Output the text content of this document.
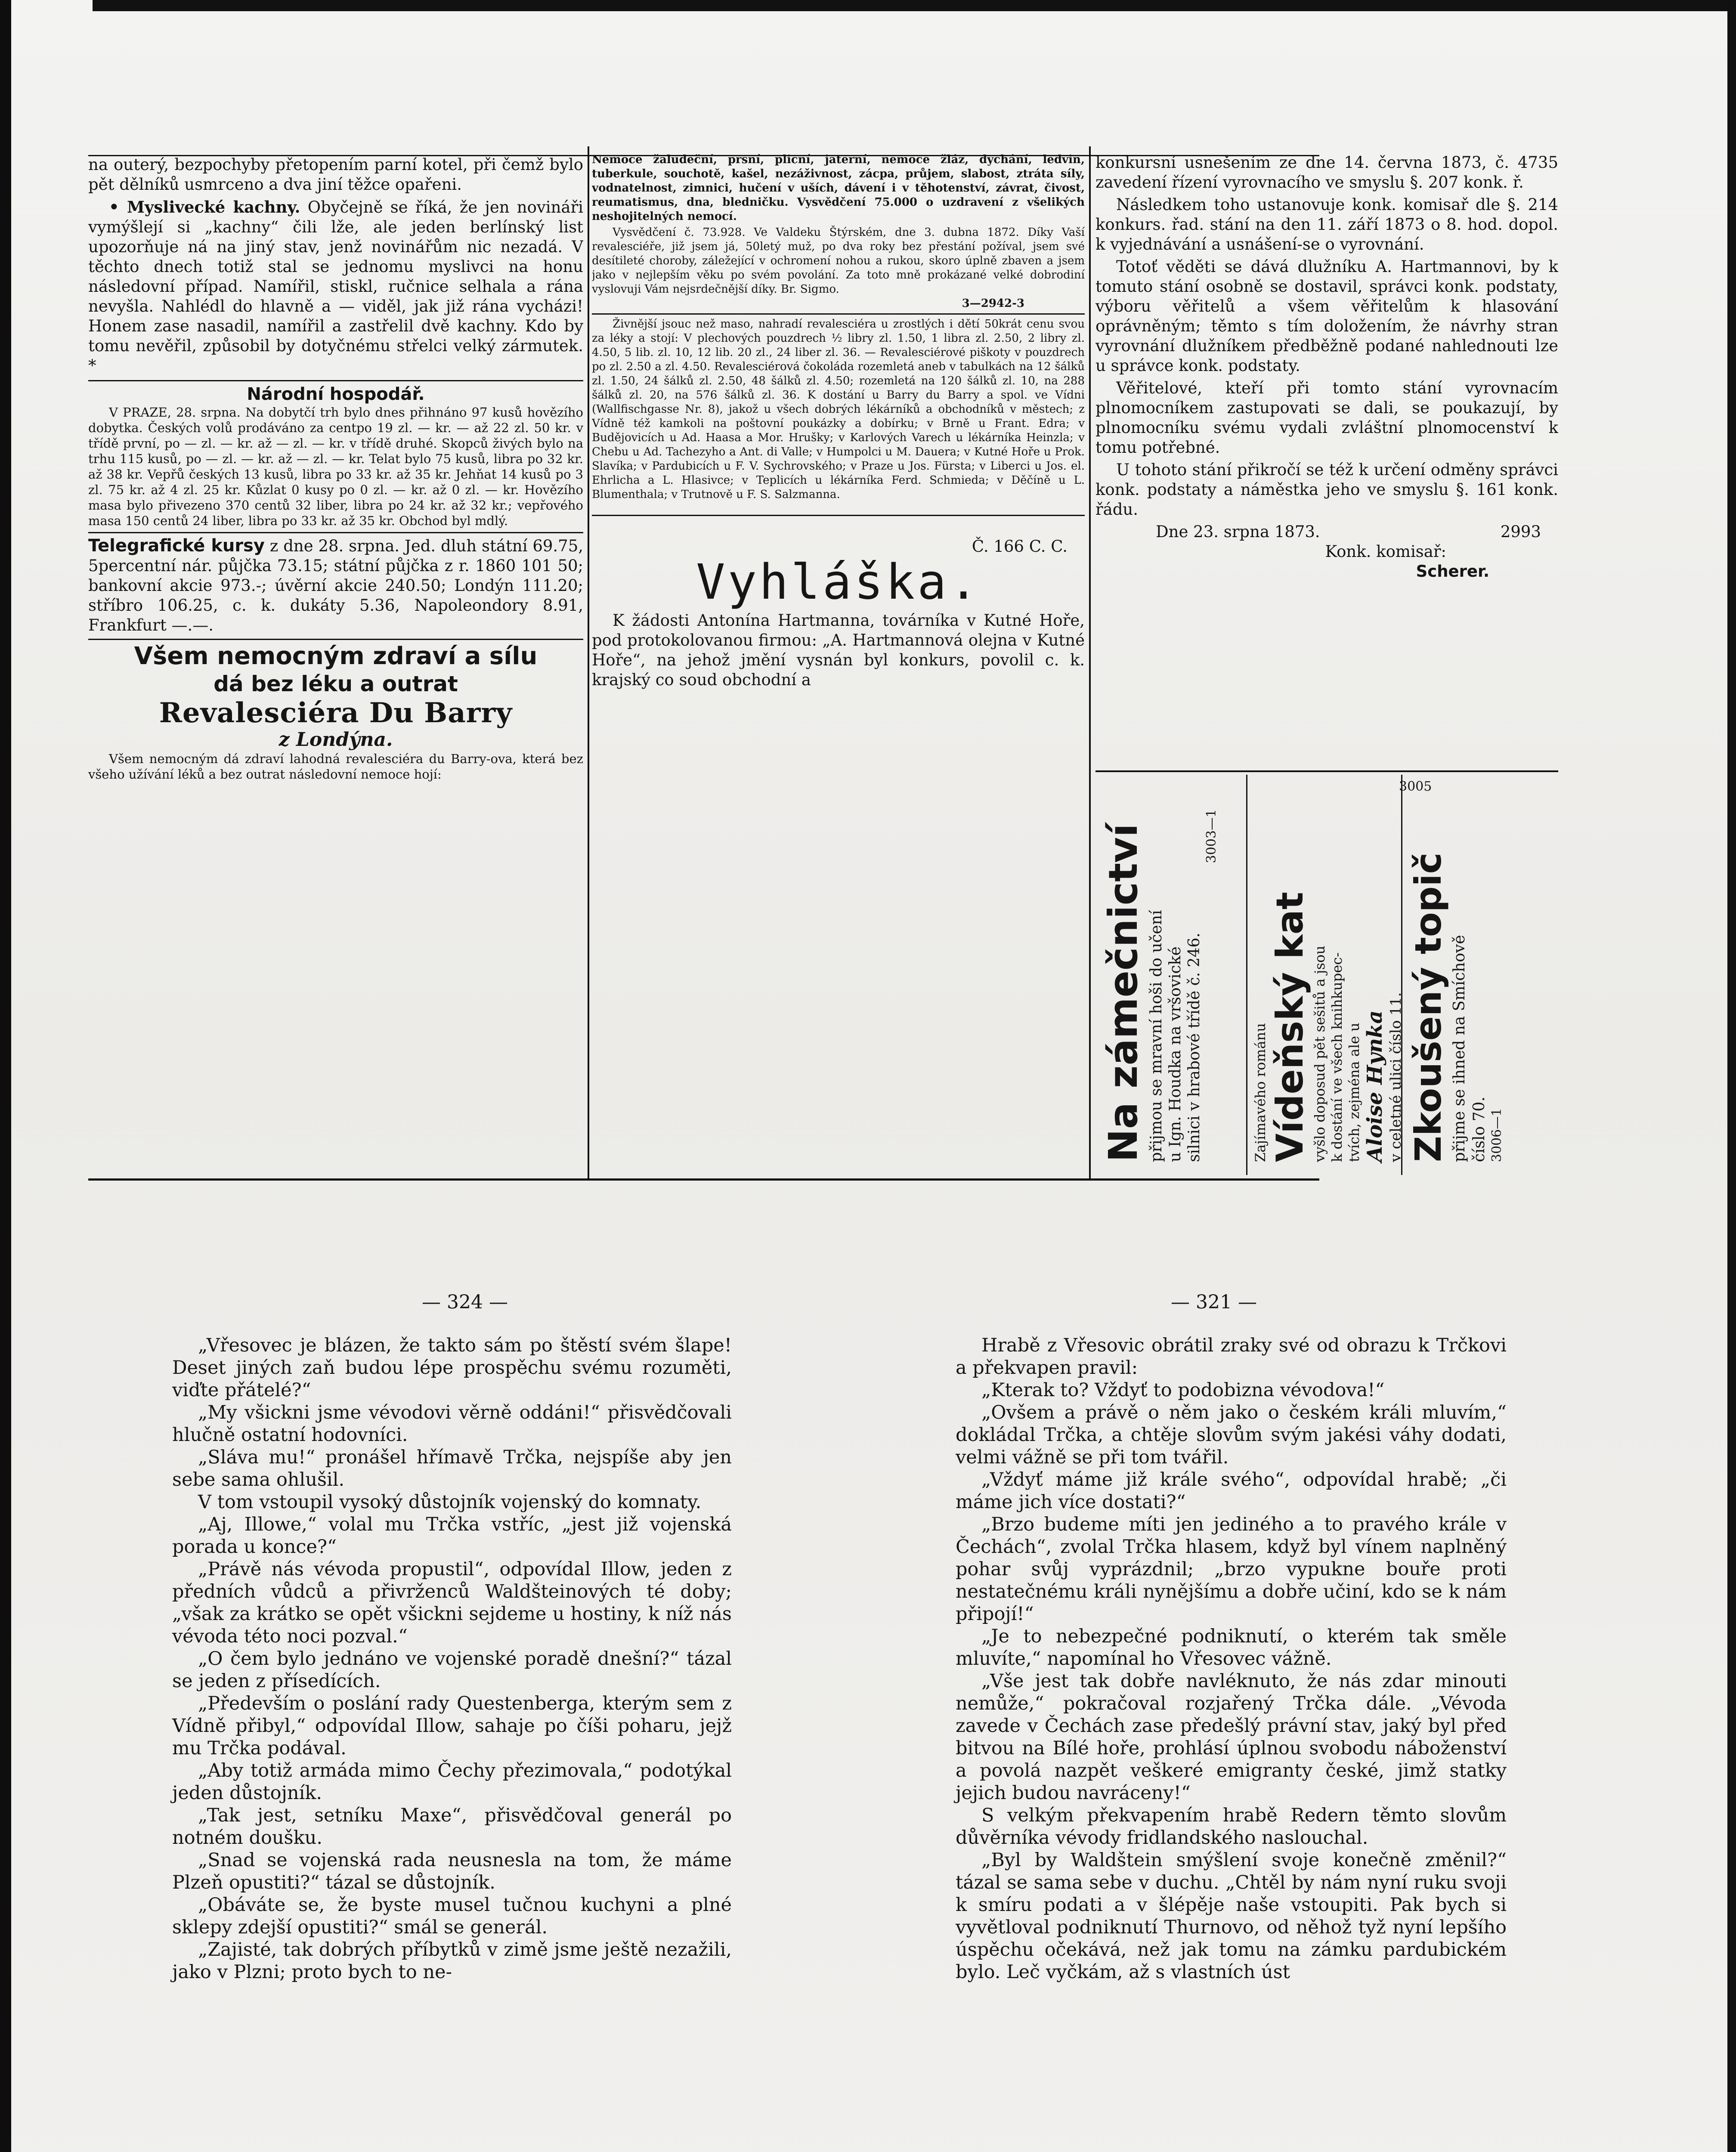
na outerý, bezpochyby přetopením parní kotel, při čemž bylo pět dělníků usmrceno a dva jiní těžce opařeni.

• Myslivecké kachny. Obyčejně se říká, že jen novináři vymýšlejí si „kachny“ čili lže, ale jeden berlínský list upozorňuje ná na jiný stav, jenž novinářům nic nezadá. V těchto dnech totiž stal se jednomu myslivci na honu následovní případ. Namířil, stiskl, ručnice selhala a rána nevyšla. Nahlédl do hlavně a — viděl, jak již rána vycházi! Honem zase nasadil, namířil a zastřelil dvě kachny. Kdo by tomu nevěřil, způsobil by dotyčnému střelci velký zármutek. *

Národní hospodář.

V PRAZE, 28. srpna. Na dobytčí trh bylo dnes přihnáno 97 kusů hovězího dobytka. Českých volů prodáváno za centpo 19 zl. — kr. — až 22 zl. 50 kr. v třídě první, po — zl. — kr. až — zl. — kr. v třídě druhé. Skopců živých bylo na trhu 115 kusů, po — zl. — kr. až — zl. — kr. Telat bylo 75 kusů, libra po 32 kr. až 38 kr. Vepřů českých 13 kusů, libra po 33 kr. až 35 kr. Jehňat 14 kusů po 3 zl. 75 kr. až 4 zl. 25 kr. Kůzlat 0 kusy po 0 zl. — kr. až 0 zl. — kr. Hovězího masa bylo přivezeno 370 centů 32 liber, libra po 24 kr. až 32 kr.; vepřového masa 150 centů 24 liber, libra po 33 kr. až 35 kr. Obchod byl mdlý.

Telegrafické kursy z dne 28. srpna. Jed. dluh státní 69.75, 5percentní nár. půjčka 73.15; státní půjčka z r. 1860 101 50; bankovní akcie 973.-; úvěrní akcie 240.50; Londýn 111.20; stříbro 106.25, c. k. dukáty 5.36, Napoleondory 8.91, Frankfurt —.—.

Všem nemocným zdraví a sílu
dá bez léku a outrat
Revalesciéra Du Barry
z Londýna.

Všem nemocným dá zdraví lahodná revalesciéra du Barry-ova, která bez všeho užívání léků a bez outrat následovní nemoce hojí:

Nemoce žaludeční, prsní, plicní, jaterní, nemoce žláz, dychání, ledvin, tuberkule, souchotě, kašel, nezáživnost, zácpa, průjem, slabost, ztráta síly, vodnatelnost, zimnici, hučení v uších, dávení i v těhotenství, závrat, čivost, reumatismus, dna, bledničku. Vysvědčení 75.000 o uzdravení z všelikých neshojitelných nemocí.

Vysvědčení č. 73.928. Ve Valdeku Štýrském, dne 3. dubna 1872. Díky Vaší revalesciéře, již jsem já, 50letý muž, po dva roky bez přestání požíval, jsem své desítileté choroby, záležející v ochromení nohou a rukou, skoro úplně zbaven a jsem jako v nejlepším věku po svém povolání. Za toto mně prokázané velké dobrodiní vyslovuji Vám nejsrdečnější díky. Br. Sigmo.

3—2942-3

Živnější jsouc než maso, nahradí revalesciéra u zrostlých i dětí 50krát cenu svou za léky a stojí: V plechových pouzdrech ½ libry zl. 1.50, 1 libra zl. 2.50, 2 libry zl. 4.50, 5 lib. zl. 10, 12 lib. 20 zl., 24 liber zl. 36. — Revalesciérové piškoty v pouzdrech po zl. 2.50 a zl. 4.50. Revalesciérová čokoláda rozemletá aneb v tabulkách na 12 šálků zl. 1.50, 24 šálků zl. 2.50, 48 šálků zl. 4.50; rozemletá na 120 šálků zl. 10, na 288 šálků zl. 20, na 576 šálků zl. 36. K dostání u Barry du Barry a spol. ve Vídni (Wallfischgasse Nr. 8), jakož u všech dobrých lékárníků a obchodníků v městech; z Vídně též kamkoli na poštovní poukázky a dobírku; v Brně u Frant. Edra; v Budějovicích u Ad. Haasa a Mor. Hrušky; v Karlových Varech u lékárníka Heinzla; v Chebu u Ad. Tachezyho a Ant. di Valle; v Humpolci u M. Dauera; v Kutné Hoře u Prok. Slavíka; v Pardubicích u F. V. Sychrovského; v Praze u Jos. Fürsta; v Liberci u Jos. el. Ehrlicha a L. Hlasivce; v Teplicích u lékárníka Ferd. Schmieda; v Děčíně u L. Blumenthala; v Trutnově u F. S. Salzmanna.

Č. 166 C. C.
Vyhláška.

K žádosti Antonína Hartmanna, továrníka v Kutné Hoře, pod protokolovanou firmou: „A. Hartmannová olejna v Kutné Hoře“, na jehož jmění vysnán byl konkurs, povolil c. k. krajský co soud obchodní a

konkursní usnešením ze dne 14. června 1873, č. 4735 zavedení řízení vyrovnacího ve smyslu §. 207 konk. ř.

Následkem toho ustanovuje konk. komisař dle §. 214 konkurs. řad. stání na den 11. září 1873 o 8. hod. dopol. k vyjednávání a usnášení-se o vyrovnání.

Totoť věděti se dává dlužníku A. Hartmannovi, by k tomuto stání osobně se dostavil, správci konk. podstaty, výboru věřitelů a všem věřitelům k hlasování oprávněným; těmto s tím doložením, že návrhy stran vyrovnání dlužníkem předběžně podané nahlednouti lze u správce konk. podstaty.

Věřitelové, kteří při tomto stání vyrovnacím plnomocníkem zastupovati se dali, se poukazují, by plnomocníku svému vydali zvláštní plnomocenství k tomu potřebné.

U tohoto stání přikročí se též k určení odměny správci konk. podstaty a náměstka jeho ve smyslu §. 161 konk. řádu.

Dne 23. srpna 1873.	2993
Konk. komisař:
Scherer.
Na zámečnictví přijmou se mravní hoši do učení u Ign. Houdka na vršovické silnici v hrabové třídě č. 246.
3003—1
Zajímavého románu Vídeňský kat vyšlo doposud pět sešitů a jsou k dostání ve všech knihkupec- tvích, zejména ale u Aloise Hynka v celetné ulici číslo 11. Zkoušený topič přijme se ihned na Smíchově číslo 70. 3006—1
3005
— 324 —	— 321 —

„Vřesovec je blázen, že takto sám po štěstí svém šlape! Deset jiných zaň budou lépe prospěchu svému rozuměti, viďte přátelé?“

„My všickni jsme vévodovi věrně oddáni!“ přisvědčovali hlučně ostatní hodovníci.

„Sláva mu!“ pronášel hřímavě Trčka, nejspíše aby jen sebe sama ohlušil.

V tom vstoupil vysoký důstojník vojenský do komnaty.

„Aj, Illowe,“ volal mu Trčka vstříc, „jest již vojenská porada u konce?“

„Právě nás vévoda propustil“, odpovídal Illow, jeden z předních vůdců a přivrženců Waldšteinových té doby; „však za krátko se opět všickni sejdeme u hostiny, k níž nás vévoda této noci pozval.“

„O čem bylo jednáno ve vojenské poradě dnešní?“ tázal se jeden z přísedících.

„Především o poslání rady Questenberga, kterým sem z Vídně přibyl,“ odpovídal Illow, sahaje po číši poharu, jejž mu Trčka podával.

„Aby totiž armáda mimo Čechy přezimovala,“ podotýkal jeden důstojník.

„Tak jest, setníku Maxe“, přisvědčoval generál po notném doušku.

„Snad se vojenská rada neusnesla na tom, že máme Plzeň opustiti?“ tázal se důstojník.

„Obáváte se, že byste musel tučnou kuchyni a plné sklepy zdejší opustiti?“ smál se generál.

„Zajisté, tak dobrých příbytků v zimě jsme ještě nezažili, jako v Plzni; proto bych to ne-

Hrabě z Vřesovic obrátil zraky své od obrazu k Trčkovi a překvapen pravil:

„Kterak to? Vždyť to podobizna vévodova!“

„Ovšem a právě o něm jako o českém králi mluvím,“ dokládal Trčka, a chtěje slovům svým jakési váhy dodati, velmi vážně se při tom tvářil.

„Vždyť máme již krále svého“, odpovídal hrabě; „či máme jich více dostati?“

„Brzo budeme míti jen jediného a to pravého krále v Čechách“, zvolal Trčka hlasem, když byl vínem naplněný pohar svůj vyprázdnil; „brzo vypukne bouře proti nestatečnému králi nynějšímu a dobře učiní, kdo se k nám připojí!“

„Je to nebezpečné podniknutí, o kterém tak směle mluvíte,“ napomínal ho Vřesovec vážně.

„Vše jest tak dobře navléknuto, že nás zdar minouti nemůže,“ pokračoval rozjařený Trčka dále. „Vévoda zavede v Čechách zase předešlý právní stav, jaký byl před bitvou na Bílé hoře, prohlásí úplnou svobodu náboženství a povolá nazpět veškeré emigranty české, jimž statky jejich budou navráceny!“

S velkým překvapením hrabě Redern těmto slovům důvěrníka vévody fridlandského naslouchal.

„Byl by Waldštein smýšlení svoje konečně změnil?“ tázal se sama sebe v duchu. „Chtěl by nám nyní ruku svoji k smíru podati a v šlépěje naše vstoupiti. Pak bych si vyvětloval podniknutí Thurnovo, od něhož tyž nyní lepšího úspěchu očekává, než jak tomu na zámku pardubickém bylo. Leč vyčkám, až s vlastních úst
